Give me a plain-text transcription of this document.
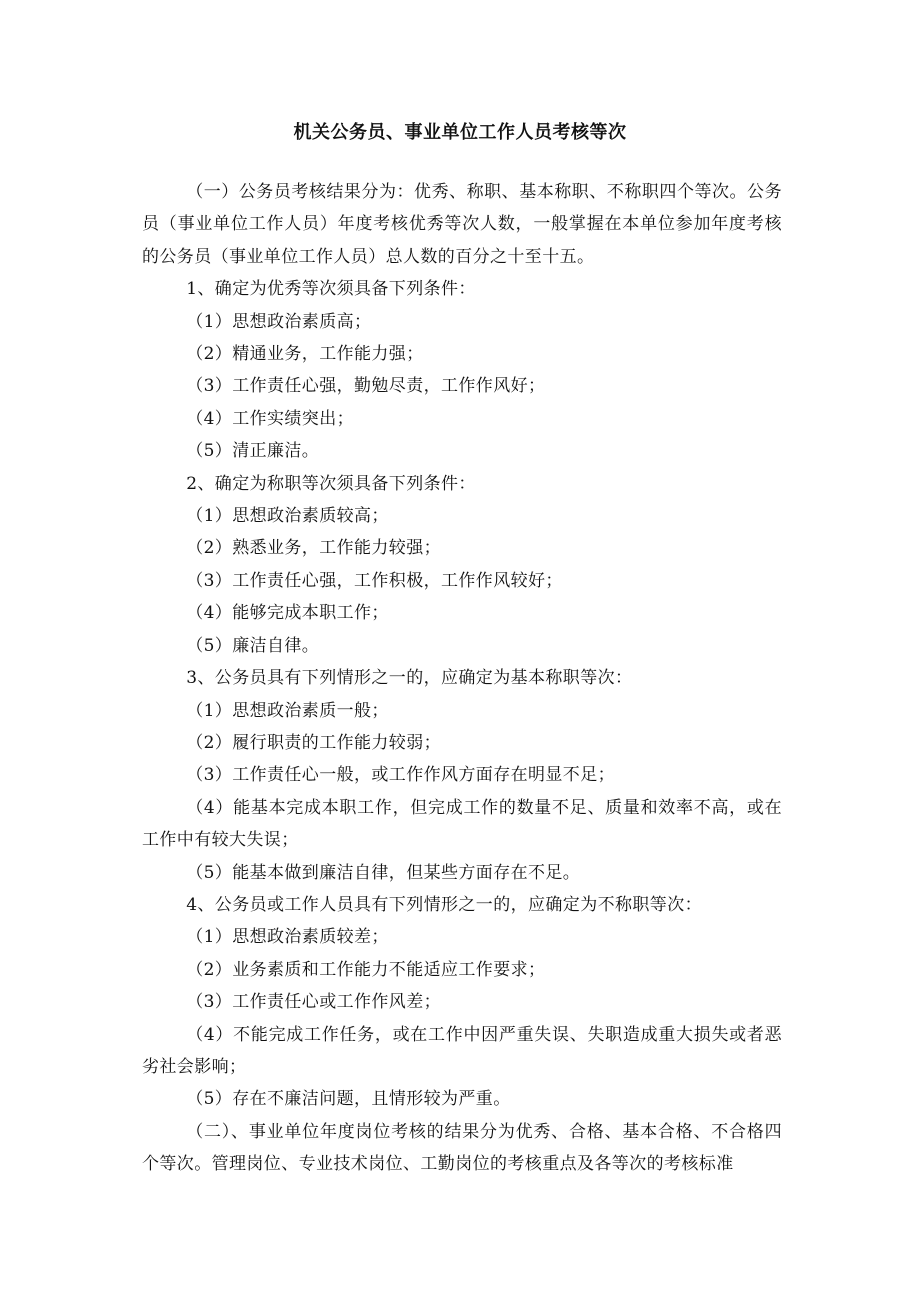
机关公务员、事业单位工作人员考核等次

（一）公务员考核结果分为：优秀、称职、基本称职、不称职四个等次。公务员（事业单位工作人员）年度考核优秀等次人数，一般掌握在本单位参加年度考核的公务员（事业单位工作人员）总人数的百分之十至十五。

1、确定为优秀等次须具备下列条件：

（1）思想政治素质高；

（2）精通业务，工作能力强；

（3）工作责任心强，勤勉尽责，工作作风好；

（4）工作实绩突出；

（5）清正廉洁。

2、确定为称职等次须具备下列条件：

（1）思想政治素质较高；

（2）熟悉业务，工作能力较强；

（3）工作责任心强，工作积极，工作作风较好；

（4）能够完成本职工作；

（5）廉洁自律。

3、公务员具有下列情形之一的，应确定为基本称职等次：

（1）思想政治素质一般；

（2）履行职责的工作能力较弱；

（3）工作责任心一般，或工作作风方面存在明显不足；

（4）能基本完成本职工作，但完成工作的数量不足、质量和效率不高，或在工作中有较大失误；

（5）能基本做到廉洁自律，但某些方面存在不足。

4、公务员或工作人员具有下列情形之一的，应确定为不称职等次：

（1）思想政治素质较差；

（2）业务素质和工作能力不能适应工作要求；

（3）工作责任心或工作作风差；

（4）不能完成工作任务，或在工作中因严重失误、失职造成重大损失或者恶劣社会影响；

（5）存在不廉洁问题，且情形较为严重。

（二）、事业单位年度岗位考核的结果分为优秀、合格、基本合格、不合格四个等次。管理岗位、专业技术岗位、工勤岗位的考核重点及各等次的考核标准
